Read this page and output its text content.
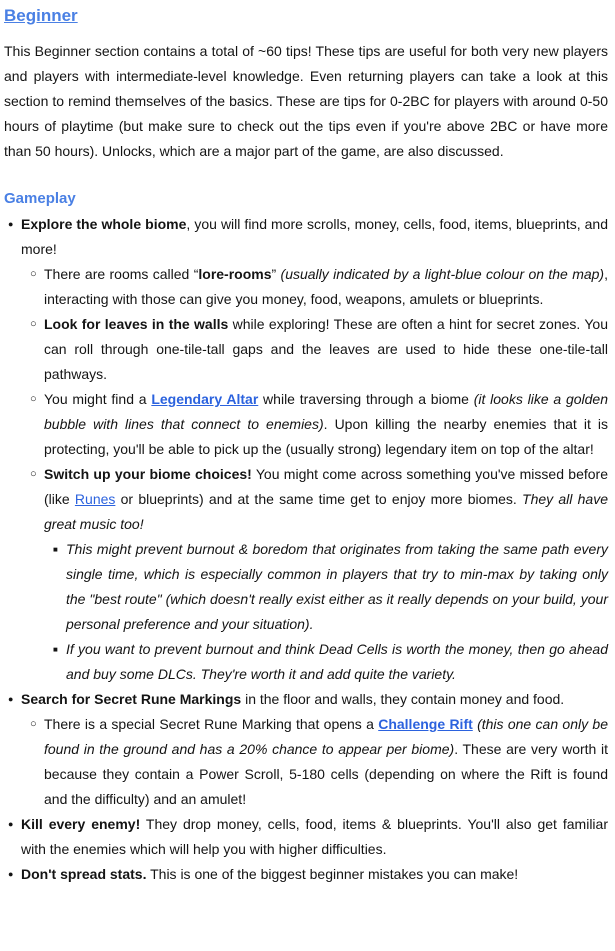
Beginner

This Beginner section contains a total of ~60 tips! These tips are useful for both very new players and players with intermediate-level knowledge. Even returning players can take a look at this section to remind themselves of the basics. These are tips for 0-2BC for players with around 0-50 hours of playtime (but make sure to check out the tips even if you're above 2BC or have more than 50 hours). Unlocks, which are a major part of the game, are also discussed.

Gameplay
● Explore the whole biome, you will find more scrolls, money, cells, food, items, blueprints, and more!
○ There are rooms called “lore-rooms” (usually indicated by a light-blue colour on the map), interacting with those can give you money, food, weapons, amulets or blueprints.
○ Look for leaves in the walls while exploring! These are often a hint for secret zones. You can roll through one-tile-tall gaps and the leaves are used to hide these one-tile-tall pathways.
○ You might find a Legendary Altar while traversing through a biome (it looks like a golden bubble with lines that connect to enemies). Upon killing the nearby enemies that it is protecting, you'll be able to pick up the (usually strong) legendary item on top of the altar!
○ Switch up your biome choices! You might come across something you've missed before (like Runes or blueprints) and at the same time get to enjoy more biomes. They all have great music too!
■ This might prevent burnout & boredom that originates from taking the same path every single time, which is especially common in players that try to min-max by taking only the "best route" (which doesn't really exist either as it really depends on your build, your personal preference and your situation).
■ If you want to prevent burnout and think Dead Cells is worth the money, then go ahead and buy some DLCs. They're worth it and add quite the variety.
● Search for Secret Rune Markings in the floor and walls, they contain money and food.
○ There is a special Secret Rune Marking that opens a Challenge Rift (this one can only be found in the ground and has a 20% chance to appear per biome). These are very worth it because they contain a Power Scroll, 5-180 cells (depending on where the Rift is found and the difficulty) and an amulet!
● Kill every enemy! They drop money, cells, food, items & blueprints. You'll also get familiar with the enemies which will help you with higher difficulties.
● Don't spread stats. This is one of the biggest beginner mistakes you can make!
